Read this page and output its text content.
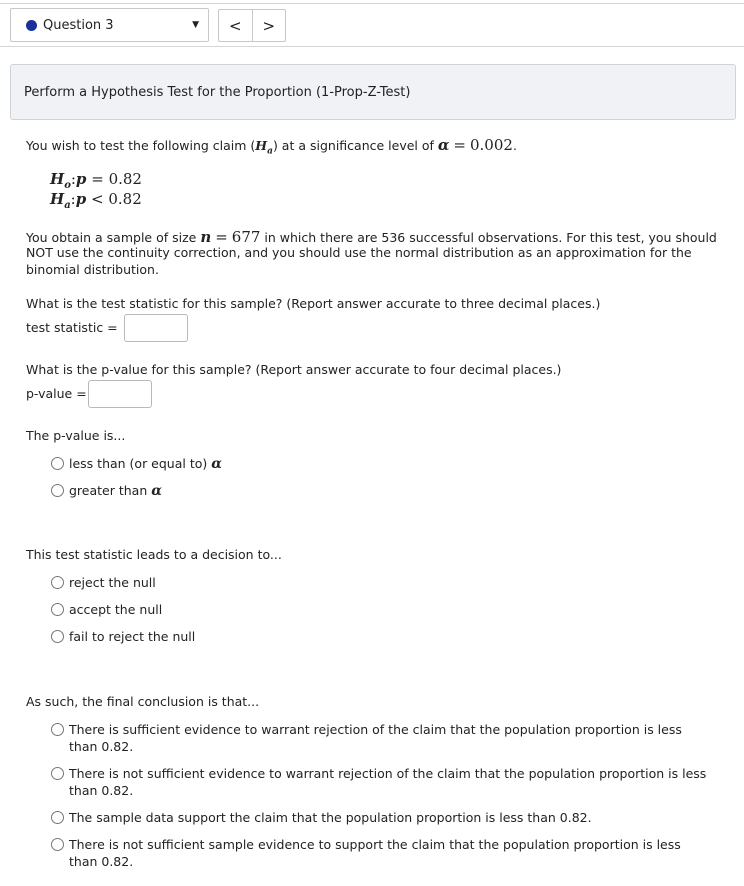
Question 3	▼	<	>
Perform a Hypothesis Test for the Proportion (1-Prop-Z-Test)
You wish to test the following claim $(H_a)$ at a significance level of α = 0.002.
$H_o:p = 0.82$
$H_a:p < 0.82$
You obtain a sample of size n = 677 in which there are 536 successful observations. For this test, you should
NOT use the continuity correction, and you should use the normal distribution as an approximation for the
binomial distribution.
What is the test statistic for this sample? (Report answer accurate to three decimal places.)
test statistic =
What is the p-value for this sample? (Report answer accurate to four decimal places.)
p-value =
The p-value is...
less than (or equal to) α
greater than α
This test statistic leads to a decision to...
reject the null
accept the null
fail to reject the null
As such, the final conclusion is that...
There is sufficient evidence to warrant rejection of the claim that the population proportion is less than 0.82.
There is not sufficient evidence to warrant rejection of the claim that the population proportion is less than 0.82.
The sample data support the claim that the population proportion is less than 0.82.
There is not sufficient sample evidence to support the claim that the population proportion is less than 0.82.
